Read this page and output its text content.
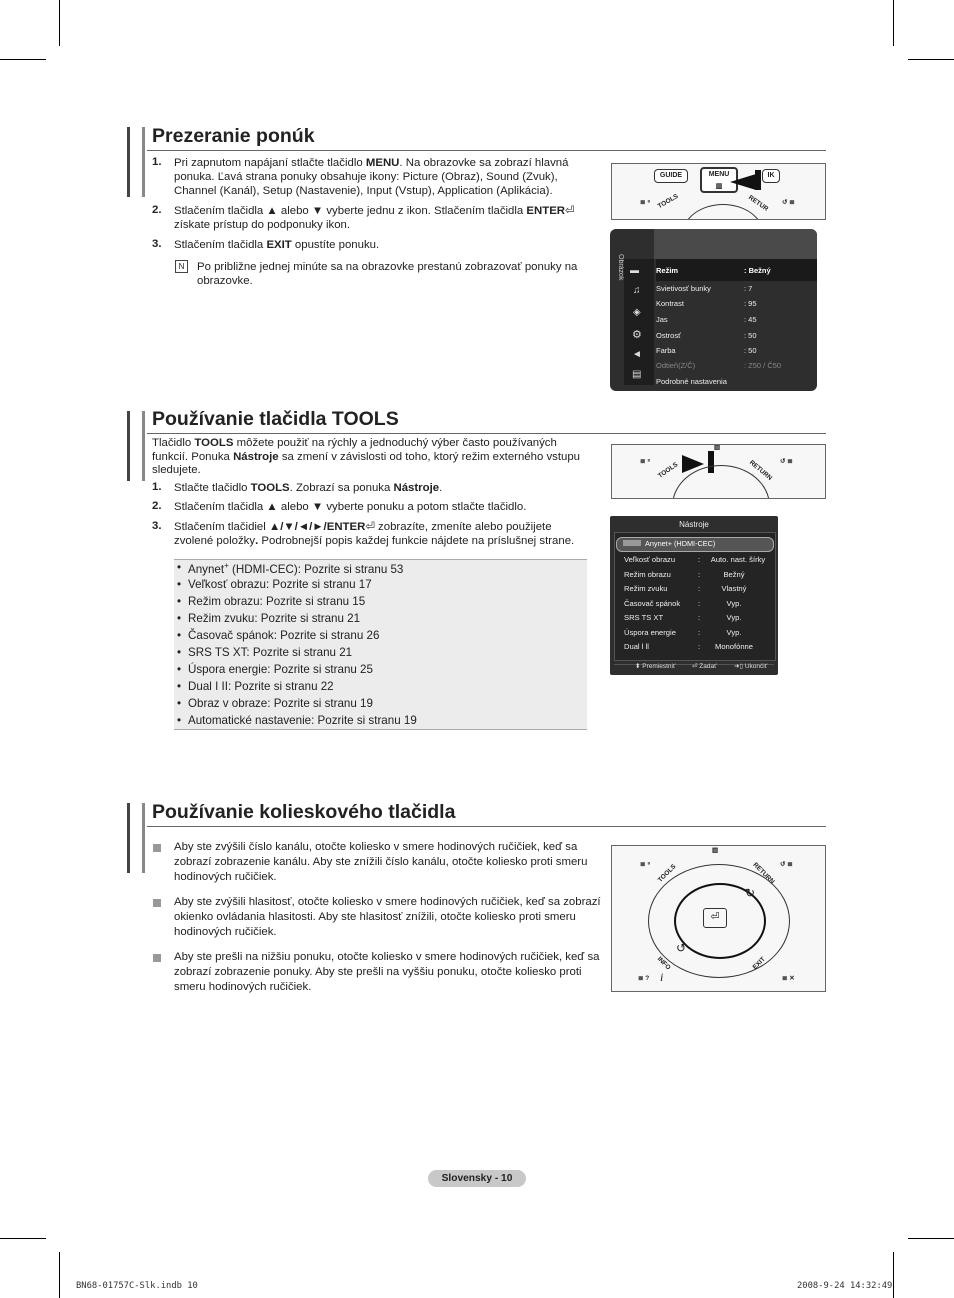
Prezeranie ponúk
1. Pri zapnutom napájaní stlačte tlačidlo MENU. Na obrazovke sa zobrazí hlavná ponuka. Ľavá strana ponuky obsahuje ikony: Picture (Obraz), Sound (Zvuk), Channel (Kanál), Setup (Nastavenie), Input (Vstup), Application (Aplikácia).
2. Stlačením tlačidla ▲ alebo ▼ vyberte jednu z ikon. Stlačením tlačidla ENTER⏎ získate prístup do podponuky ikon.
3. Stlačením tlačidla EXIT opustíte ponuku.
N	Po približne jednej minúte sa na obrazovke prestanú zobrazovať ponuky na obrazovke.
GUIDE	MENU
▥
IK
≣ ⁸ TOOLS	RETUR ↺ ≣
Obrázok ▬
♫
◈
⚙
◄
▤
Režim	: Bežný
Svietivosť bunky	: 7
Kontrast	: 95
Jas	: 45
Ostrosť	: 50
Farba	: 50
Odtieň(Z/Č)	: Z50 / Č50
Podrobné nastavenia
Používanie tlačidla TOOLS
Tlačidlo TOOLS môžete použiť na rýchly a jednoduchý výber často používaných funkcií. Ponuka Nástroje sa zmení v závislosti od toho, ktorý režim externého vstupu sledujete.
1. Stlačte tlačidlo TOOLS. Zobrazí sa ponuka Nástroje.
2. Stlačením tlačidla ▲ alebo ▼ vyberte ponuku a potom stlačte tlačidlo.
3. Stlačením tlačidiel ▲/▼/◄/►/ENTER⏎ zobrazíte, zmeníte alebo použijete zvolené položky. Podrobnejší popis každej funkcie nájdete na príslušnej strane.
• Anynet+ (HDMI-CEC): Pozrite si stranu 53
• Veľkosť obrazu: Pozrite si stranu 17
• Režim obrazu: Pozrite si stranu 15
• Režim zvuku: Pozrite si stranu 21
• Časovač spánok: Pozrite si stranu 26
• SRS TS XT: Pozrite si stranu 21
• Úspora energie: Pozrite si stranu 25
• Dual I II: Pozrite si stranu 22
• Obraz v obraze: Pozrite si stranu 19
• Automatické nastavenie: Pozrite si stranu 19
▥
≣ ⁸ TOOLS	RETURN ↺ ≣
Nástroje
Anynet+ (HDMI-CEC)
⬍ Premiestniť	⏎ Zadať	➜▯ Ukončiť
Veľkosť obrazu	:	Auto. nast. šírky
Režim obrazu	:	Bežný
Režim zvuku	:	Vlastný
Časovač spánok :	Vyp.
SRS TS XT	:	Vyp.
Úspora energie	:	Vyp.
Dual l ll	:	Monofónne
Používanie kolieskového tlačidla
Aby ste zvýšili číslo kanálu, otočte koliesko v smere hodinových ručičiek, keď sa zobrazí zobrazenie kanálu. Aby ste znížili číslo kanálu, otočte koliesko proti smeru hodinových ručičiek.
Aby ste zvýšili hlasitosť, otočte koliesko v smere hodinových ručičiek, keď sa zobrazí okienko ovládania hlasitosti. Aby ste hlasitosť znížili, otočte koliesko proti smeru hodinových ručičiek.
Aby ste prešli na nižšiu ponuku, otočte koliesko v smere hodinových ručičiek, keď sa zobrazí zobrazenie ponuky. Aby ste prešli na vyššiu ponuku, otočte koliesko proti smeru hodinových ručičiek.
▥
≣ ⁸ TOOLS	RETURN ↺ ≣
⏎
↻
↺
INFO
i
EXIT
≣ ?	≣ ✕
Slovensky - 10
BN68-01757C-Slk.indb 10	2008-9-24 14:32:49
